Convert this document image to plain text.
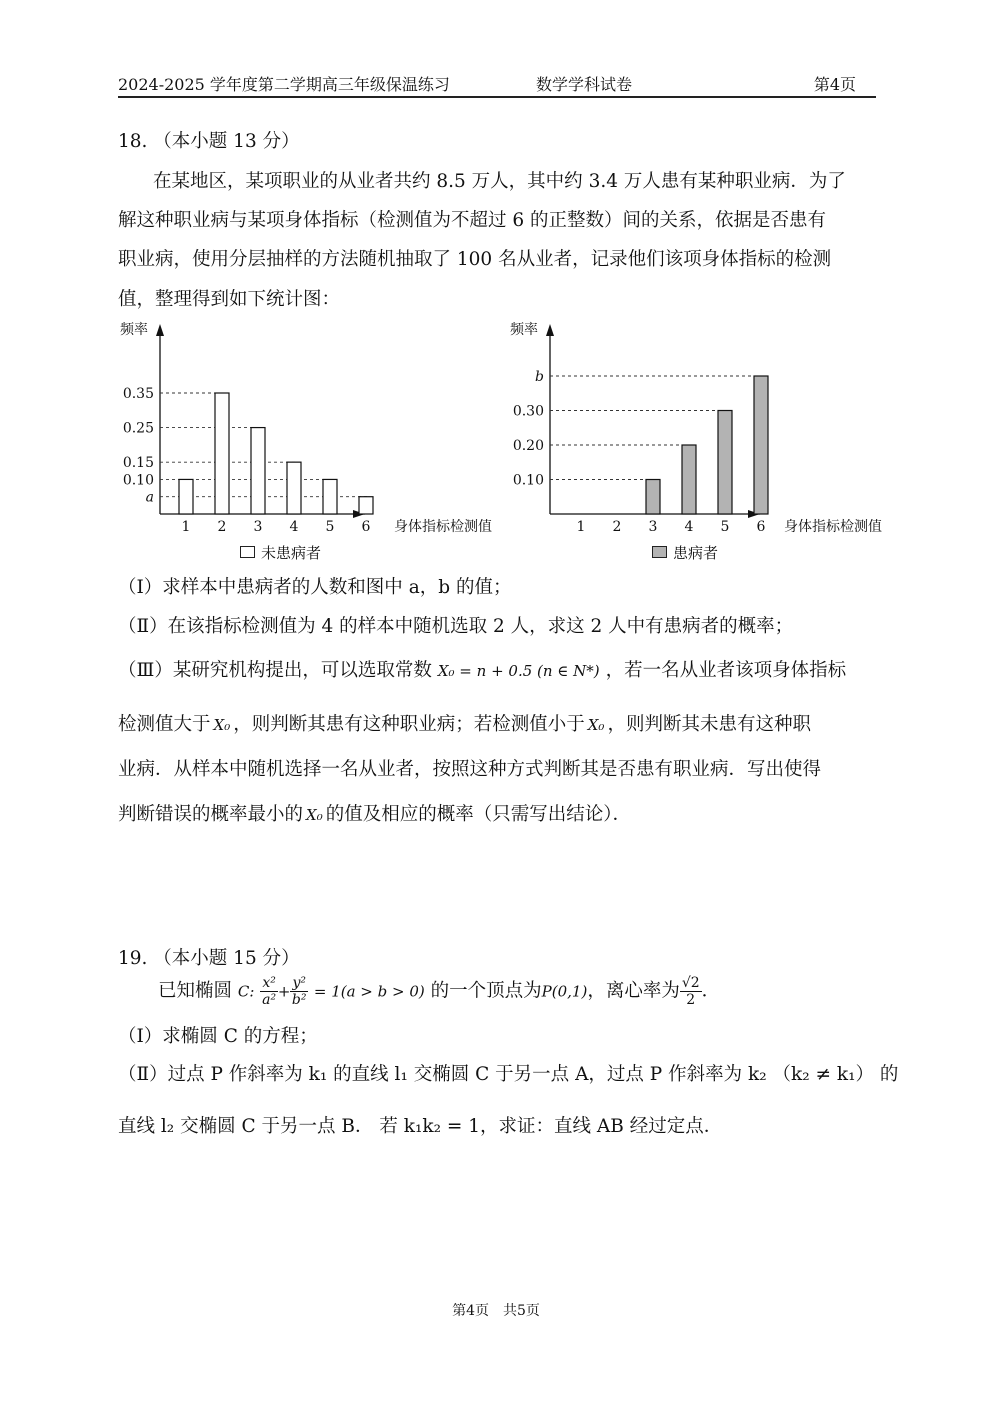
2024-2025 学年度第二学期高三年级保温练习	数学学科试卷	第4页
18. （本小题 13 分）
在某地区，某项职业的从业者共约 8.5 万人，其中约 3.4 万人患有某种职业病．为了
解这种职业病与某项身体指标（检测值为不超过 6 的正整数）间的关系，依据是否患有
职业病，使用分层抽样的方法随机抽取了 100 名从业者，记录他们该项身体指标的检测
值，整理得到如下统计图：
频率
身体指标检测值
a
0.10
0.15
0.25
0.35
1 2 3 4 5 6
未患病者
频率
身体指标检测值
0.10
0.20
0.30
b
1 2 3 4 5 6
患病者
（Ⅰ）求样本中患病者的人数和图中 a，b 的值；
（Ⅱ）在该指标检测值为 4 的样本中随机选取 2 人，求这 2 人中有患病者的概率；
（Ⅲ）某研究机构提出，可以选取常数 X₀ = n + 0.5 (n ∈ N*) ，若一名从业者该项身体指标
检测值大于 X₀ ，则判断其患有这种职业病；若检测值小于 X₀ ，则判断其未患有这种职
业病．从样本中随机选择一名从业者，按照这种方式判断其是否患有职业病．写出使得
判断错误的概率最小的 X₀ 的值及相应的概率（只需写出结论）．
19. （本小题 15 分）
已知椭圆 C: $\frac{\text{x²}}{\text{a²}} + \frac{\text{y²}}{\text{b²}} = 1(a > b > 0)$ 的一个顶点为P(0,1)，离心率为 $\frac{√2}{2}$ ．
（Ⅰ）求椭圆 C 的方程；
（Ⅱ）过点 P 作斜率为 k₁ 的直线 l₁ 交椭圆 C 于另一点 A，过点 P 作斜率为 k₂ （k₂ ≠ k₁） 的
直线 l₂ 交椭圆 C 于另一点 B． 若 k₁k₂ = 1，求证：直线 AB 经过定点．
第4页　共5页
